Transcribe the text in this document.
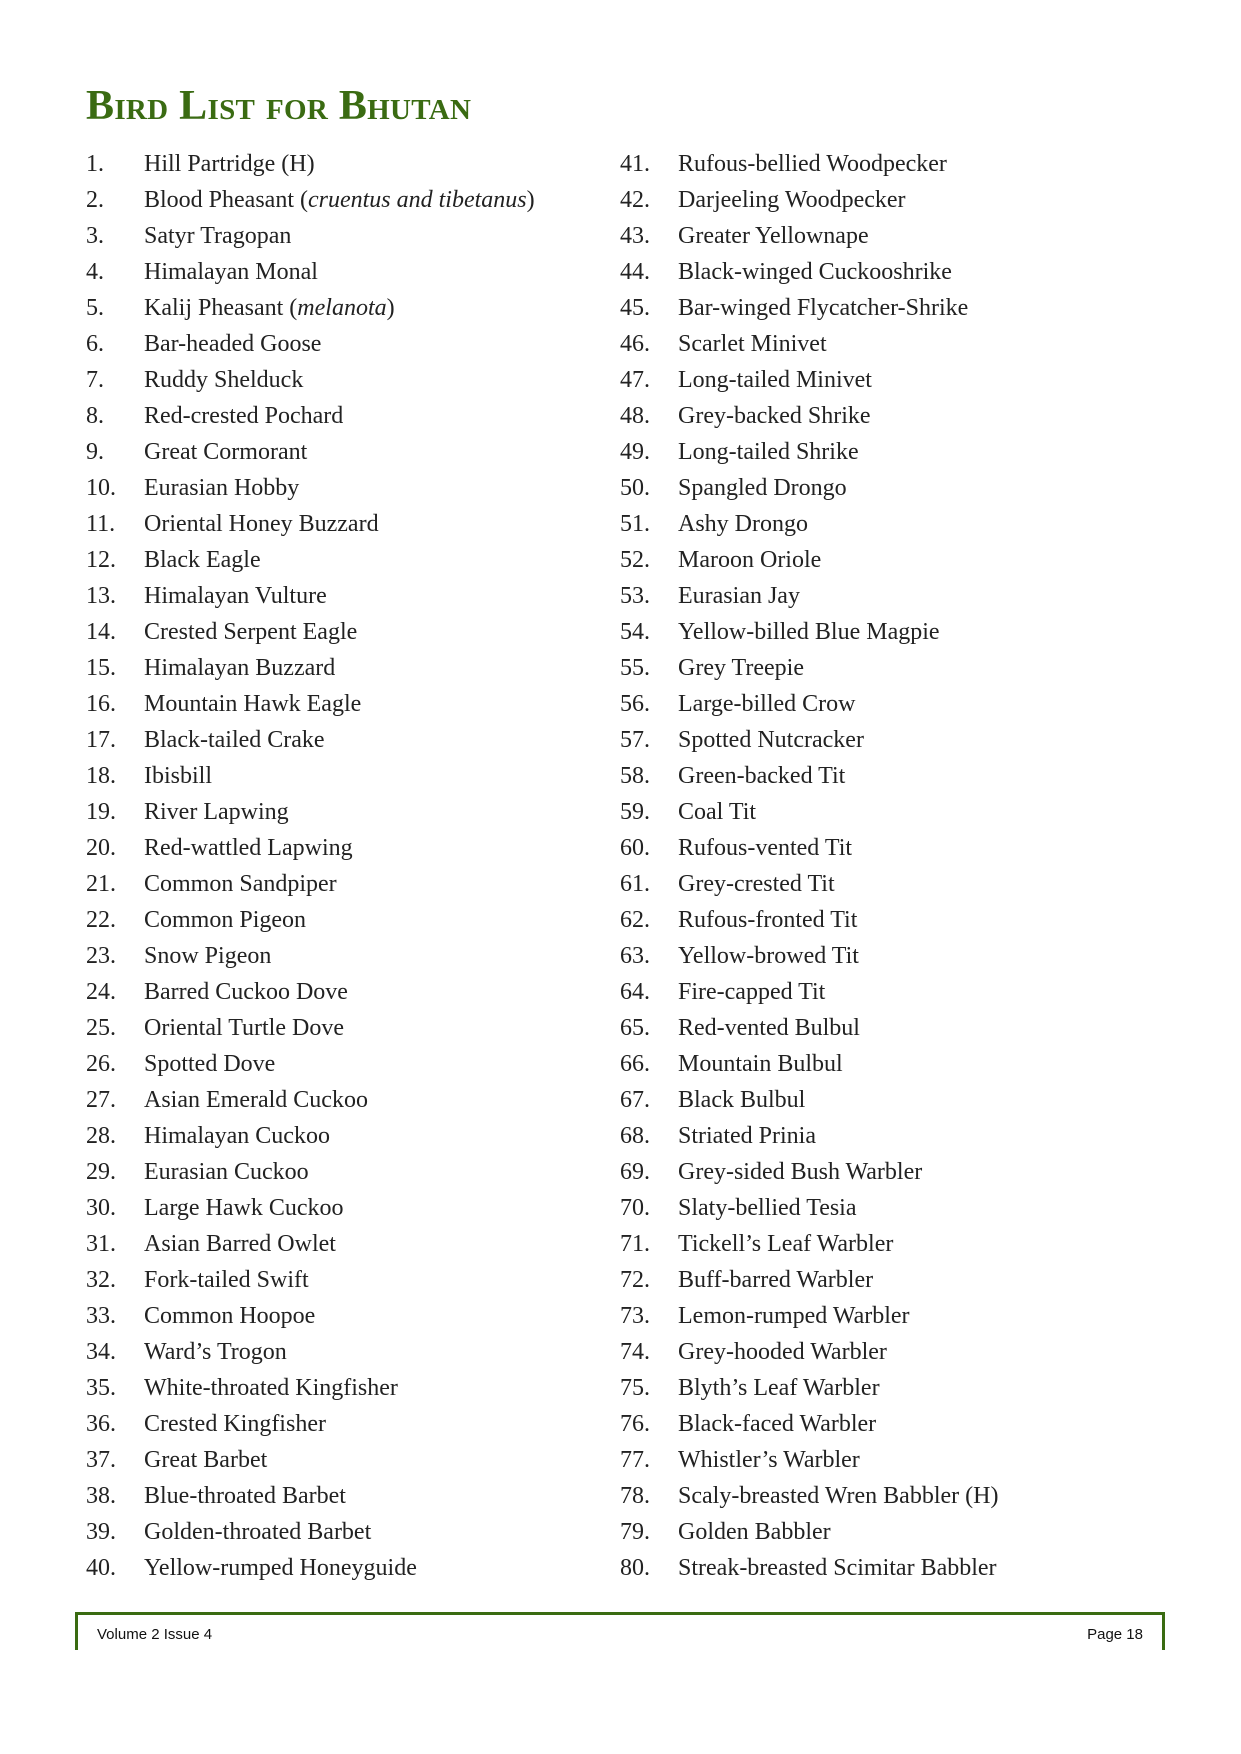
Bird List for Bhutan
1.	Hill Partridge (H)
2.	Blood Pheasant (cruentus and tibetanus)
3.	Satyr Tragopan
4.	Himalayan Monal
5.	Kalij Pheasant (melanota)
6.	Bar-headed Goose
7.	Ruddy Shelduck
8.	Red-crested Pochard
9.	Great Cormorant
10.	Eurasian Hobby
11.	Oriental Honey Buzzard
12.	Black Eagle
13.	Himalayan Vulture
14.	Crested Serpent Eagle
15.	Himalayan Buzzard
16.	Mountain Hawk Eagle
17.	Black-tailed Crake
18.	Ibisbill
19.	River Lapwing
20.	Red-wattled Lapwing
21.	Common Sandpiper
22.	Common Pigeon
23.	Snow Pigeon
24.	Barred Cuckoo Dove
25.	Oriental Turtle Dove
26.	Spotted Dove
27.	Asian Emerald Cuckoo
28.	Himalayan Cuckoo
29.	Eurasian Cuckoo
30.	Large Hawk Cuckoo
31.	Asian Barred Owlet
32.	Fork-tailed Swift
33.	Common Hoopoe
34.	Ward’s Trogon
35.	White-throated Kingfisher
36.	Crested Kingfisher
37.	Great Barbet
38.	Blue-throated Barbet
39.	Golden-throated Barbet
40.	Yellow-rumped Honeyguide
41.	Rufous-bellied Woodpecker
42.	Darjeeling Woodpecker
43.	Greater Yellownape
44.	Black-winged Cuckooshrike
45.	Bar-winged Flycatcher-Shrike
46.	Scarlet Minivet
47.	Long-tailed Minivet
48.	Grey-backed Shrike
49.	Long-tailed Shrike
50.	Spangled Drongo
51.	Ashy Drongo
52.	Maroon Oriole
53.	Eurasian Jay
54.	Yellow-billed Blue Magpie
55.	Grey Treepie
56.	Large-billed Crow
57.	Spotted Nutcracker
58.	Green-backed Tit
59.	Coal Tit
60.	Rufous-vented Tit
61.	Grey-crested Tit
62.	Rufous-fronted Tit
63.	Yellow-browed Tit
64.	Fire-capped Tit
65.	Red-vented Bulbul
66.	Mountain Bulbul
67.	Black Bulbul
68.	Striated Prinia
69.	Grey-sided Bush Warbler
70.	Slaty-bellied Tesia
71.	Tickell’s Leaf Warbler
72.	Buff-barred Warbler
73.	Lemon-rumped Warbler
74.	Grey-hooded Warbler
75.	Blyth’s Leaf Warbler
76.	Black-faced Warbler
77.	Whistler’s Warbler
78.	Scaly-breasted Wren Babbler (H)
79.	Golden Babbler
80.	Streak-breasted Scimitar Babbler
Volume 2 Issue 4	Page 18
